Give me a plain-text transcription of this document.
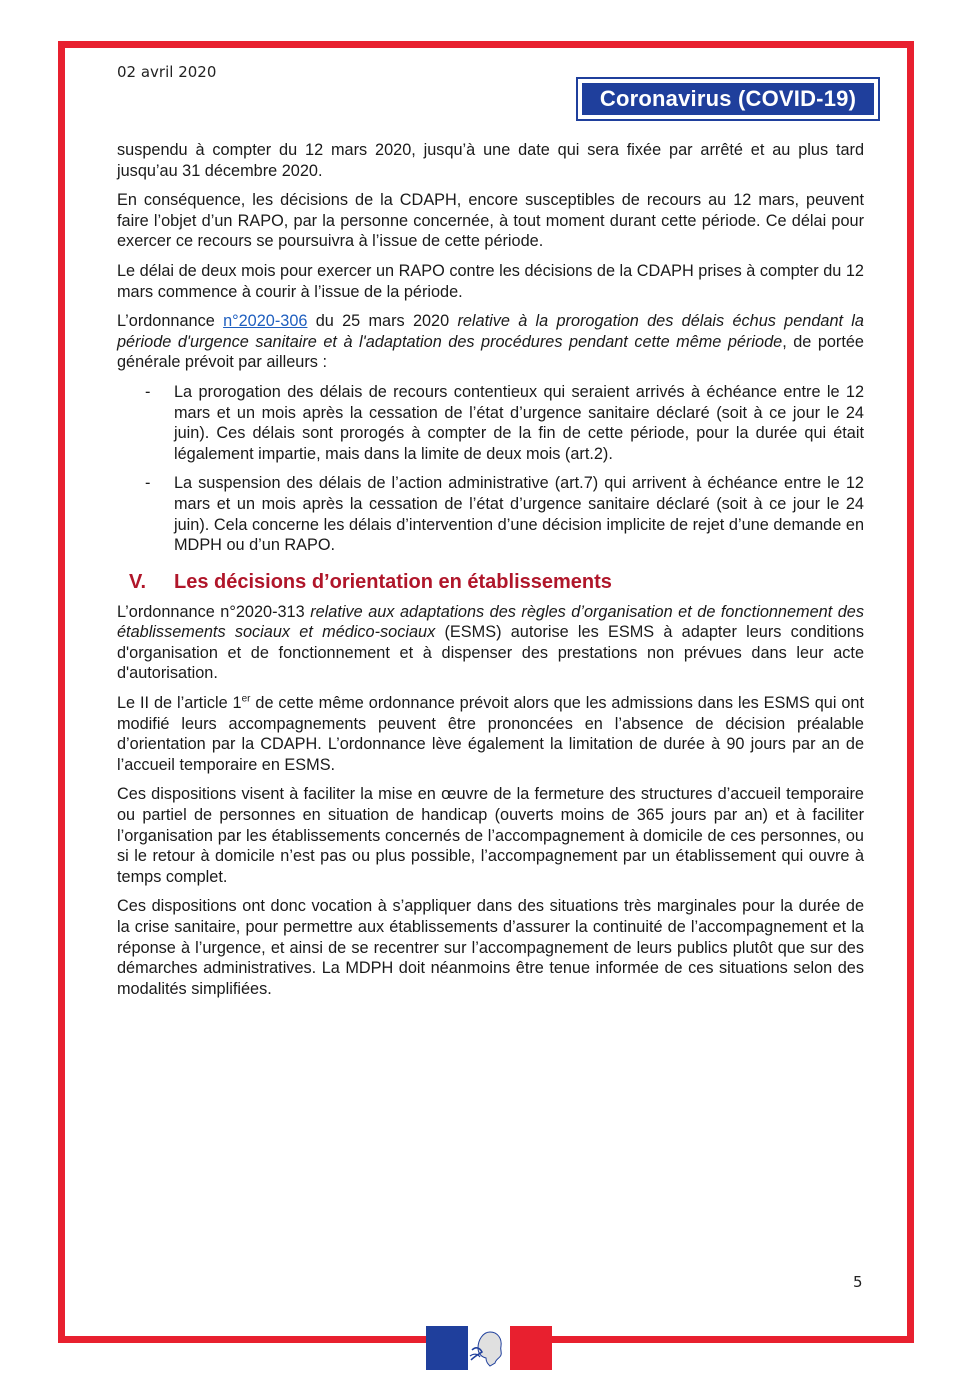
02 avril 2020
Coronavirus (COVID-19)

suspendu à compter du 12 mars 2020, jusqu’à une date qui sera fixée par arrêté et au plus tard jusqu’au 31 décembre 2020.

En conséquence, les décisions de la CDAPH, encore susceptibles de recours au 12 mars, peuvent faire l’objet d’un RAPO, par la personne concernée, à tout moment durant cette période. Ce délai pour exercer ce recours se poursuivra à l’issue de cette période.

Le délai de deux mois pour exercer un RAPO contre les décisions de la CDAPH prises à compter du 12 mars commence à courir à l’issue de la période.

L’ordonnance n°2020-306 du 25 mars 2020 relative à la prorogation des délais échus pendant la période d'urgence sanitaire et à l'adaptation des procédures pendant cette même période, de portée générale prévoit par ailleurs :

- La prorogation des délais de recours contentieux qui seraient arrivés à échéance entre le 12 mars et un mois après la cessation de l’état d’urgence sanitaire déclaré (soit à ce jour le 24 juin). Ces délais sont prorogés à compter de la fin de cette période, pour la durée qui était légalement impartie, mais dans la limite de deux mois (art.2).
- La suspension des délais de l’action administrative (art.7) qui arrivent à échéance entre le 12 mars et un mois après la cessation de l’état d’urgence sanitaire déclaré (soit à ce jour le 24 juin). Cela concerne les délais d’intervention d’une décision implicite de rejet d’une demande en MDPH ou d’un RAPO.
V. Les décisions d’orientation en établissements

L’ordonnance n°2020-313 relative aux adaptations des règles d’organisation et de fonctionnement des établissements sociaux et médico-sociaux (ESMS) autorise les ESMS à adapter leurs conditions d'organisation et de fonctionnement et à dispenser des prestations non prévues dans leur acte d'autorisation.

Le II de l’article 1er de cette même ordonnance prévoit alors que les admissions dans les ESMS qui ont modifié leurs accompagnements peuvent être prononcées en l’absence de décision préalable d’orientation par la CDAPH. L’ordonnance lève également la limitation de durée à 90 jours par an de l’accueil temporaire en ESMS.

Ces dispositions visent à faciliter la mise en œuvre de la fermeture des structures d’accueil temporaire ou partiel de personnes en situation de handicap (ouverts moins de 365 jours par an) et à faciliter l’organisation par les établissements concernés de l’accompagnement à domicile de ces personnes, ou si le retour à domicile n’est pas ou plus possible, l’accompagnement par un établissement qui ouvre à temps complet.

Ces dispositions ont donc vocation à s’appliquer dans des situations très marginales pour la durée de la crise sanitaire, pour permettre aux établissements d’assurer la continuité de l’accompagnement et la réponse à l’urgence, et ainsi de se recentrer sur l’accompagnement de leurs publics plutôt que sur des démarches administratives. La MDPH doit néanmoins être tenue informée de ces situations selon des modalités simplifiées.

5
